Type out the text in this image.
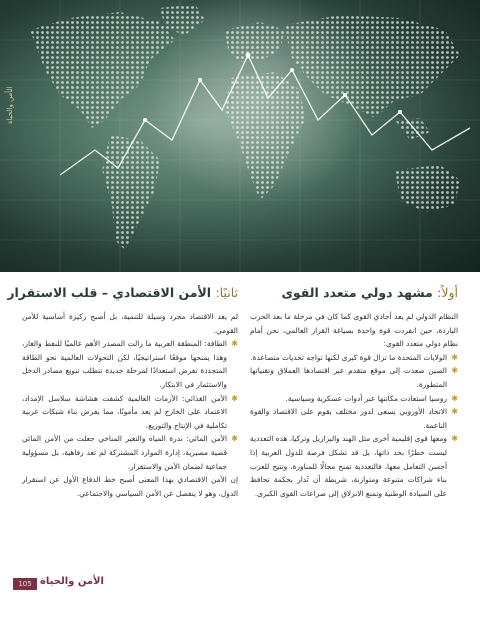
الأمن والحياة
أولاً: مشهد دولي متعدد القوى

النظام الدولي لم يعد أحادي القوى كما كان في مرحلة ما بعد الحرب الباردة، حين انفردت قوة واحدة بصياغة القرار العالمي، نحن أمام نظام دولي متعدد القوى:

✱
الولايات المتحدة ما تزال قوة كبرى لكنها تواجه تحديات متصاعدة.
✱
الصين صعدت إلى موقع متقدم عبر اقتصادها العملاق وتقنياتها المتطورة.
✱
روسيا استعادت مكانتها عبر أدوات عسكرية وسياسية.
✱
الاتحاد الأوروبي يسعى لدور مختلف يقوم على الاقتصاد والقوة الناعمة.
✱
ومعها قوى إقليمية أخرى مثل الهند والبرازيل وتركيا، هذه التعددية ليست خطرًا بحد ذاتها، بل قد تشكل فرصة للدول العربية إذا أحسن التعامل معها، فالتعددية تمنح مجالًا للمناورة، وتتيح للعرب بناء شراكات متنوعة ومتوازنة، شريطة أن تُدار بحكمة تحافظ على السيادة الوطنية وتمنع الانزلاق إلى صراعات القوى الكبرى.
ثانيًا: الأمن الاقتصادي – قلب الاستقرار

لم يعد الاقتصاد مجرد وسيلة للتنمية، بل أصبح ركيزة أساسية للأمن القومي.

✱
الطاقة: المنطقة العربية ما زالت المصدر الأهم عالميًا للنفط والغاز، وهذا يمنحها موقعًا استراتيجيًا، لكن التحولات العالمية نحو الطاقة المتجددة تفرض استعدادًا لمرحلة جديدة تتطلب تنويع مصادر الدخل والاستثمار في الابتكار.
✱
الأمن الغذائي: الأزمات العالمية كشفت هشاشة سلاسل الإمداد، الاعتماد على الخارج لم يعد مأمونًا، مما يفرض بناء شبكات عربية تكاملية في الإنتاج والتوزيع.
✱
الأمن المائي: ندرة المياه والتغير المناخي جعلت من الأمن المائي قضية مصيرية، إدارة الموارد المشتركة لم تعد رفاهية، بل مسؤولية جماعية لضمان الأمن والاستقرار.

إن الأمن الاقتصادي بهذا المعنى أصبح خط الدفاع الأول عن استقرار الدول، وهو لا ينفصل عن الأمن السياسي والاجتماعي.

105 الأمن والحياة
